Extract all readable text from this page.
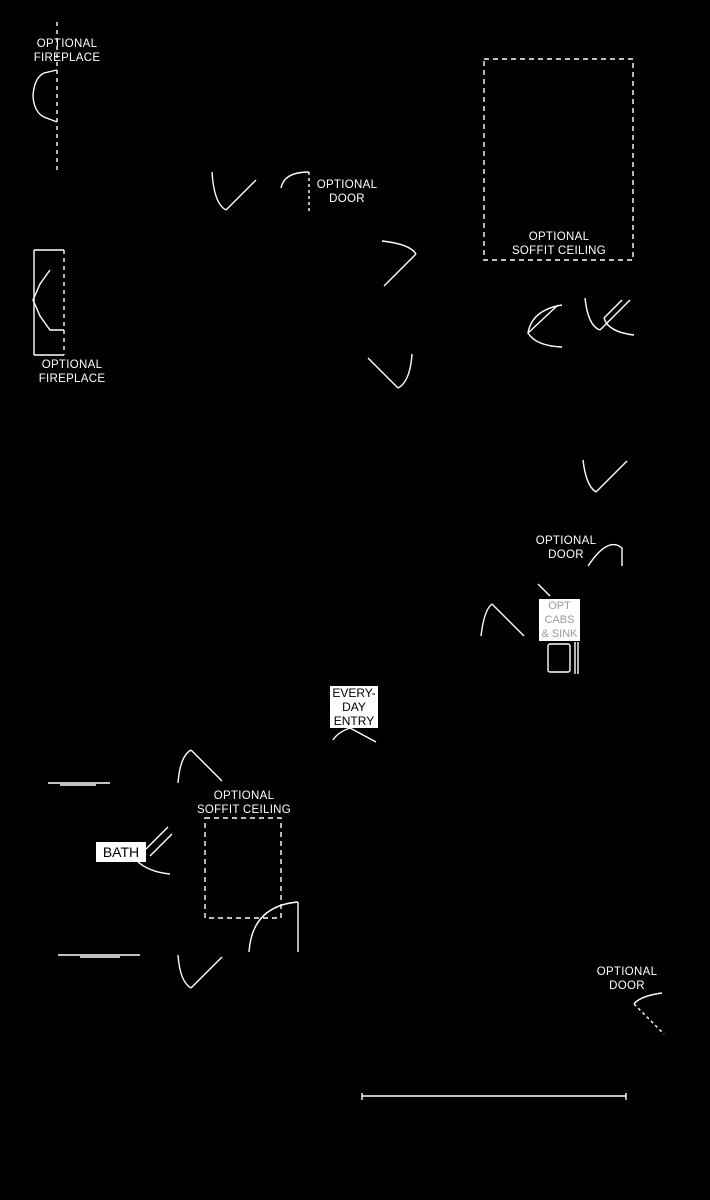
OPTIONAL
FIREPLACE
OPTIONAL
DOOR
OPTIONAL
SOFFIT CEILING
OPTIONAL
FIREPLACE
OPTIONAL
DOOR
OPTIONAL
SOFFIT CEILING
OPTIONAL
DOOR
OPT
CABS
& SINK
EVERY-
DAY
ENTRY
BATH
